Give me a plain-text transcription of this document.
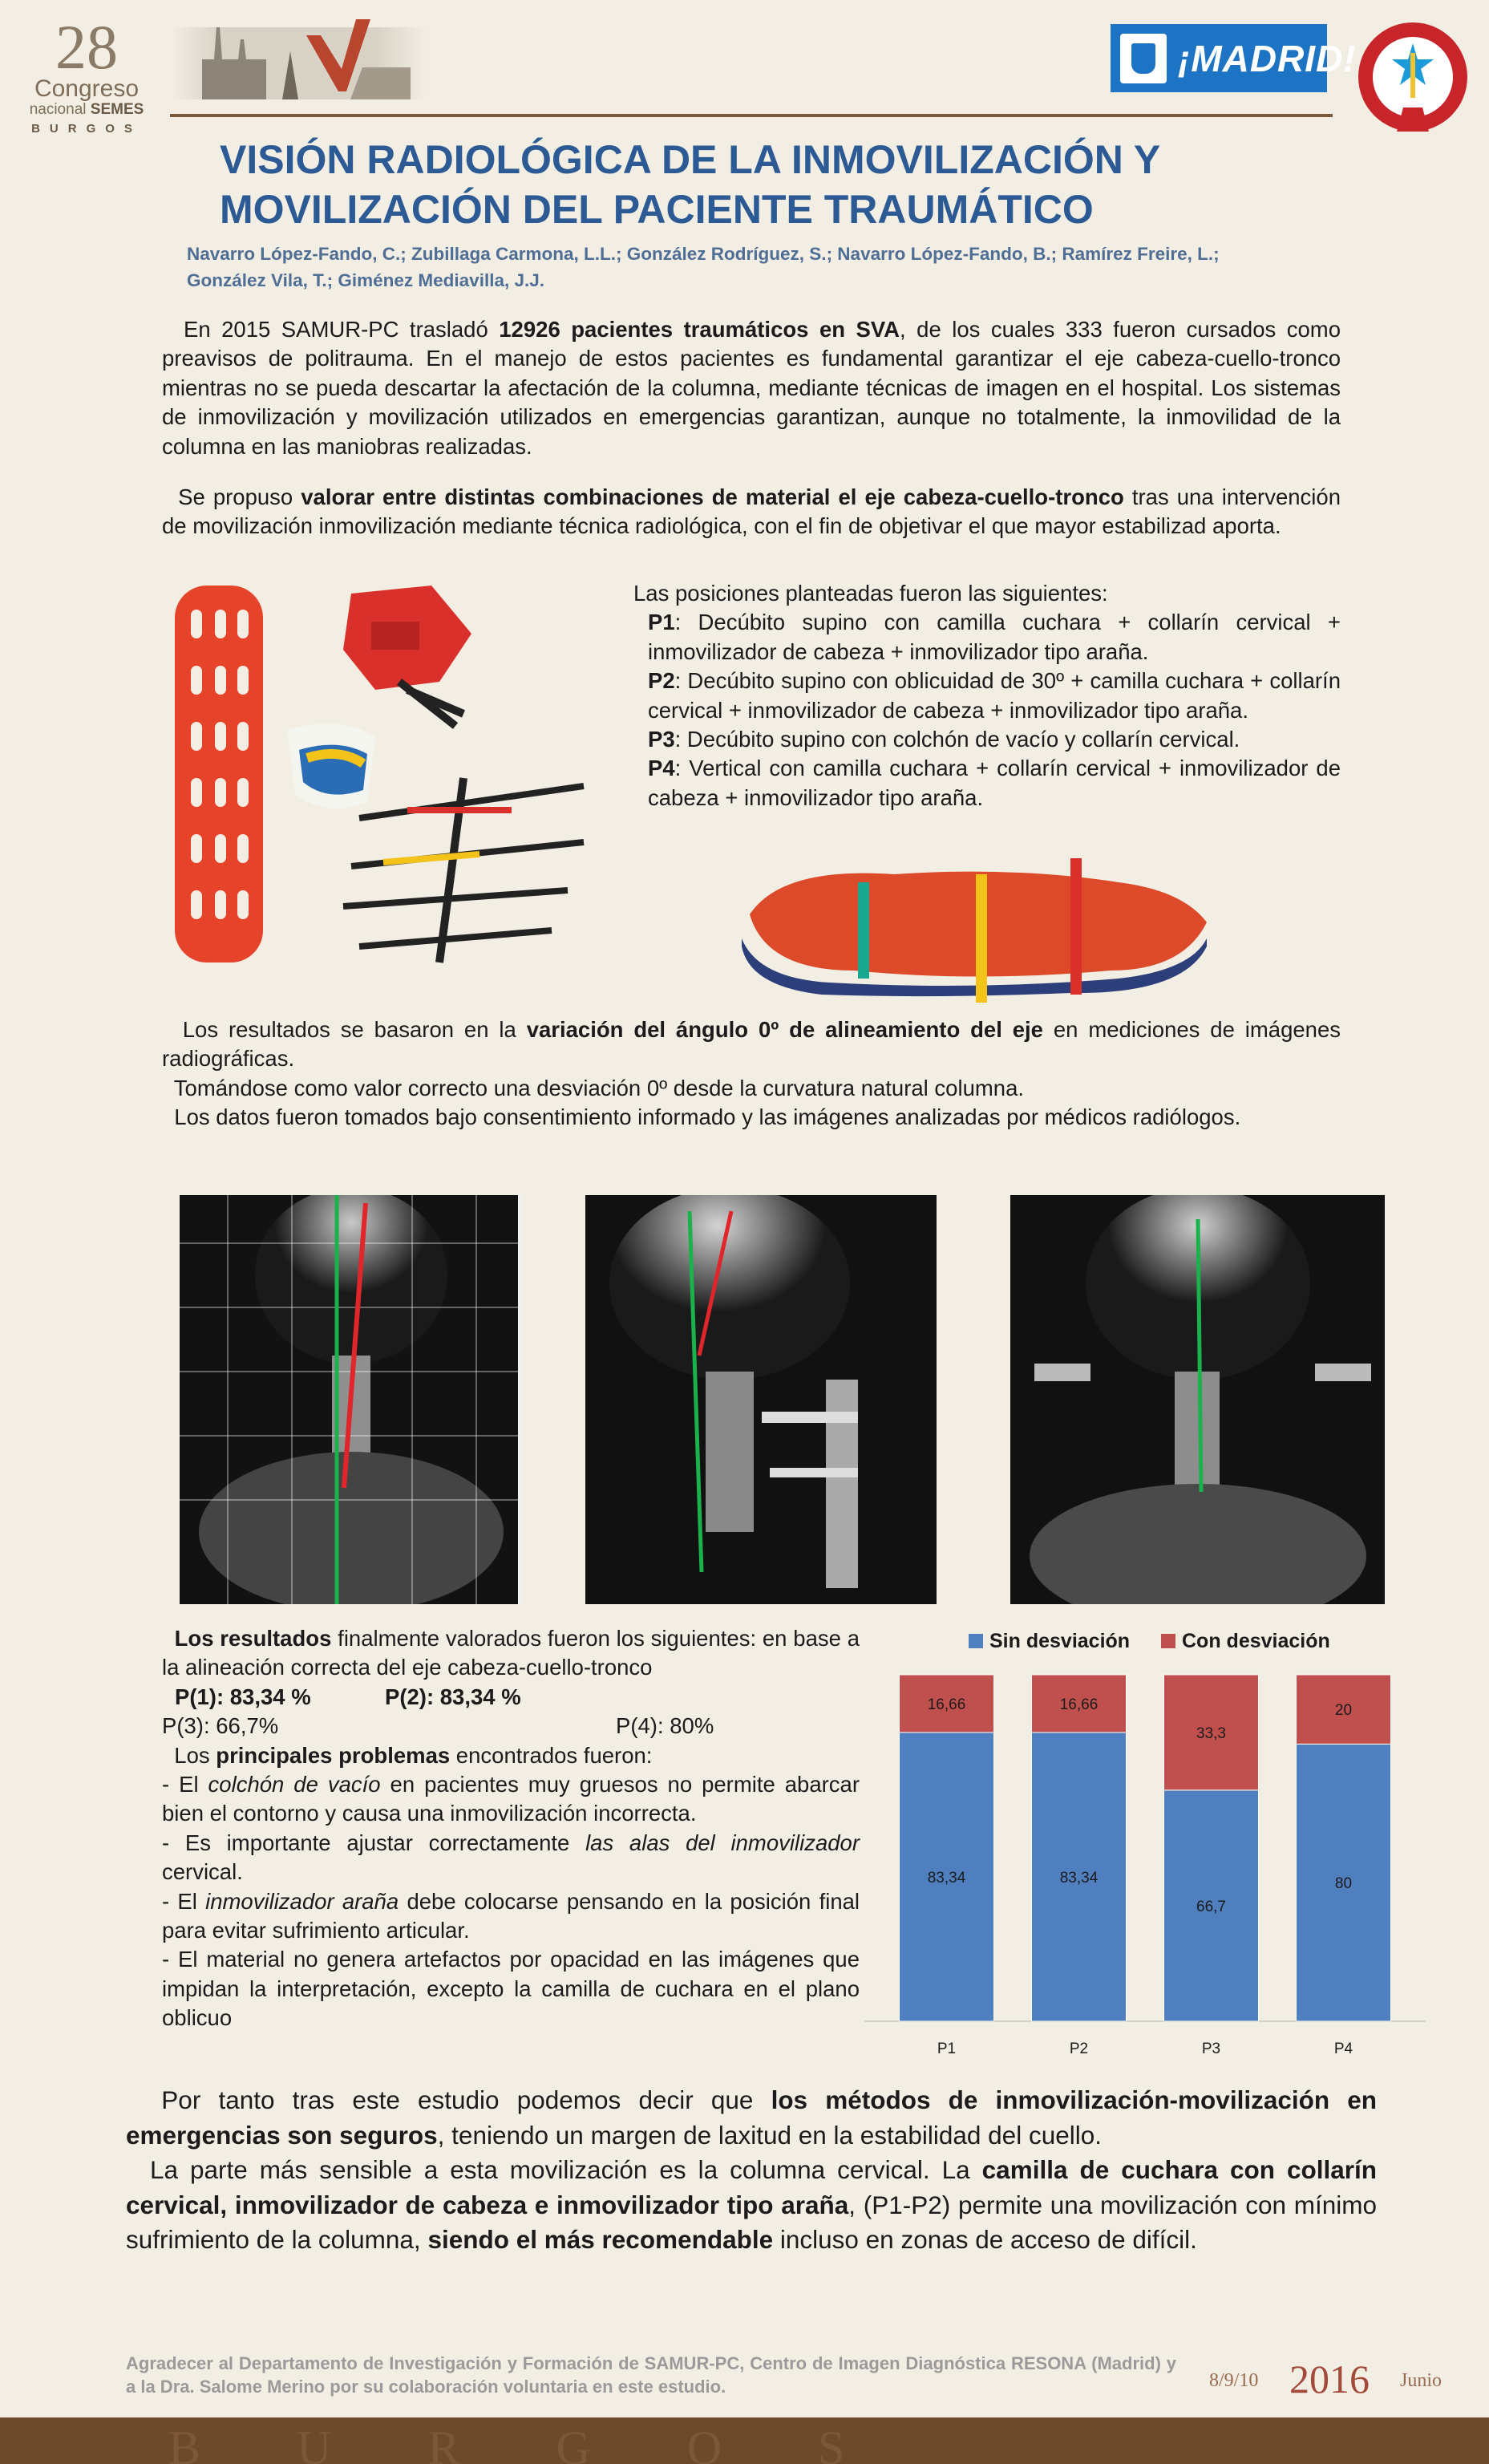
28
Congreso
nacional SEMES
BURGOS
¡MADRID!
VISIÓN RADIOLÓGICA DE LA INMOVILIZACIÓN Y
MOVILIZACIÓN DEL PACIENTE TRAUMÁTICO
Navarro López-Fando, C.; Zubillaga Carmona, L.L.; González Rodríguez, S.; Navarro López-Fando, B.; Ramírez Freire, L.;
González Vila, T.; Giménez Mediavilla, J.J.
En 2015 SAMUR-PC trasladó 12926 pacientes traumáticos en SVA, de los cuales 333 fueron cursados como preavisos de politrauma. En el manejo de estos pacientes es fundamental garantizar el eje cabeza-cuello-tronco mientras no se pueda descartar la afectación de la columna, mediante técnicas de imagen en el hospital. Los sistemas de inmovilización y movilización utilizados en emergencias garantizan, aunque no totalmente, la inmovilidad de la columna en las maniobras realizadas.
Se propuso valorar entre distintas combinaciones de material el eje cabeza-cuello-tronco tras una intervención de movilización inmovilización mediante técnica radiológica, con el fin de objetivar el que mayor estabilizad aporta.
Las posiciones planteadas fueron las siguientes:
P1: Decúbito supino con camilla cuchara + collarín cervical + inmovilizador de cabeza + inmovilizador tipo araña.
P2: Decúbito supino con oblicuidad de 30º + camilla cuchara + collarín cervical + inmovilizador de cabeza + inmovilizador tipo araña.
P3: Decúbito supino con colchón de vacío y collarín cervical.
P4: Vertical con camilla cuchara + collarín cervical + inmovilizador de cabeza + inmovilizador tipo araña.
Los resultados se basaron en la variación del ángulo 0º de alineamiento del eje en mediciones de imágenes radiográficas.
Tomándose como valor correcto una desviación 0º desde la curvatura natural columna.
Los datos fueron tomados bajo consentimiento informado y las imágenes analizadas por médicos radiólogos.
Los resultados finalmente valorados fueron los siguientes: en base a la alineación correcta del eje cabeza-cuello-tronco
P(1): 83,34 %	P(2): 83,34 %
P(3): 66,7%	P(4): 80%
Los principales problemas encontrados fueron:
- El colchón de vacío en pacientes muy gruesos no permite abarcar bien el contorno y causa una inmovilización incorrecta.
- Es importante ajustar correctamente las alas del inmovilizador cervical.
- El inmovilizador araña debe colocarse pensando en la posición final para evitar sufrimiento articular.
- El material no genera artefactos por opacidad en las imágenes que impidan la interpretación, excepto la camilla de cuchara en el plano oblicuo
Sin desviación	Con desviación
83,34
16,66
P1
83,34
16,66
P2
66,7
33,3
P3
80
20
P4
Por tanto tras este estudio podemos decir que los métodos de inmovilización-movilización en emergencias son seguros, teniendo un margen de laxitud en la estabilidad del cuello.
La parte más sensible a esta movilización es la columna cervical. La camilla de cuchara con collarín cervical, inmovilizador de cabeza e inmovilizador tipo araña, (P1-P2) permite una movilización con mínimo sufrimiento de la columna, siendo el más recomendable incluso en zonas de acceso de difícil.
Agradecer al Departamento de Investigación y Formación de SAMUR-PC, Centro de Imagen Diagnóstica RESONA (Madrid) y a la Dra. Salome Merino por su colaboración voluntaria en este estudio.	8/9/10 2016 Junio
BURGOS
